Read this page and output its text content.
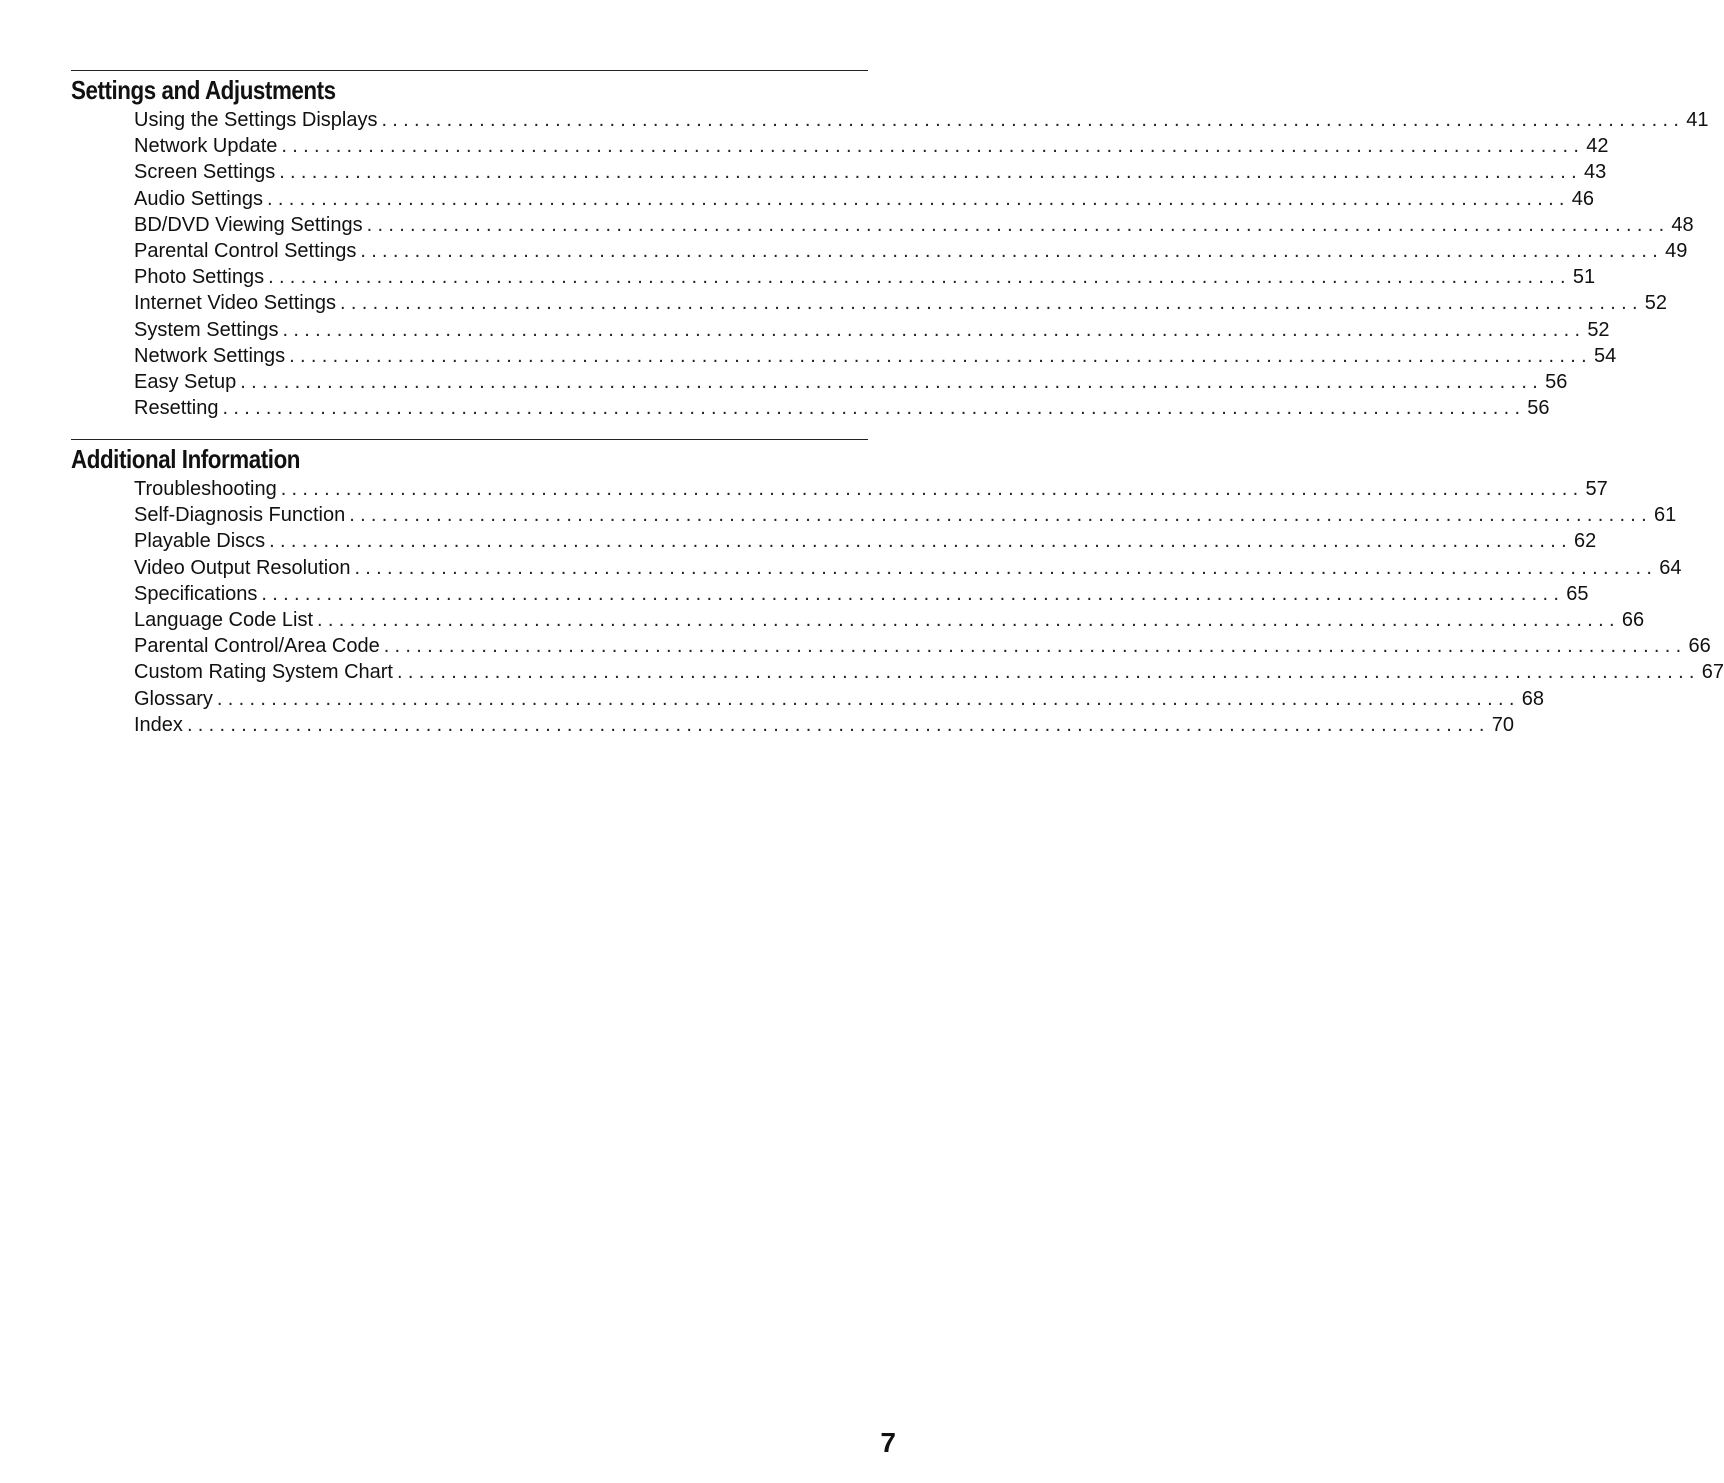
Settings and Adjustments
Using the Settings Displays ........................................................................................................................ 41
Network Update ........................................................................................................................ 42
Screen Settings ........................................................................................................................ 43
Audio Settings ........................................................................................................................ 46
BD/DVD Viewing Settings ........................................................................................................................ 48
Parental Control Settings ........................................................................................................................ 49
Photo Settings ........................................................................................................................ 51
Internet Video Settings ........................................................................................................................ 52
System Settings ........................................................................................................................ 52
Network Settings ........................................................................................................................ 54
Easy Setup ........................................................................................................................ 56
Resetting ........................................................................................................................ 56
Additional Information
Troubleshooting ........................................................................................................................ 57
Self-Diagnosis Function ........................................................................................................................ 61
Playable Discs ........................................................................................................................ 62
Video Output Resolution ........................................................................................................................ 64
Specifications ........................................................................................................................ 65
Language Code List ........................................................................................................................ 66
Parental Control/Area Code ........................................................................................................................ 66
Custom Rating System Chart ........................................................................................................................ 67
Glossary ........................................................................................................................ 68
Index ........................................................................................................................ 70
7
